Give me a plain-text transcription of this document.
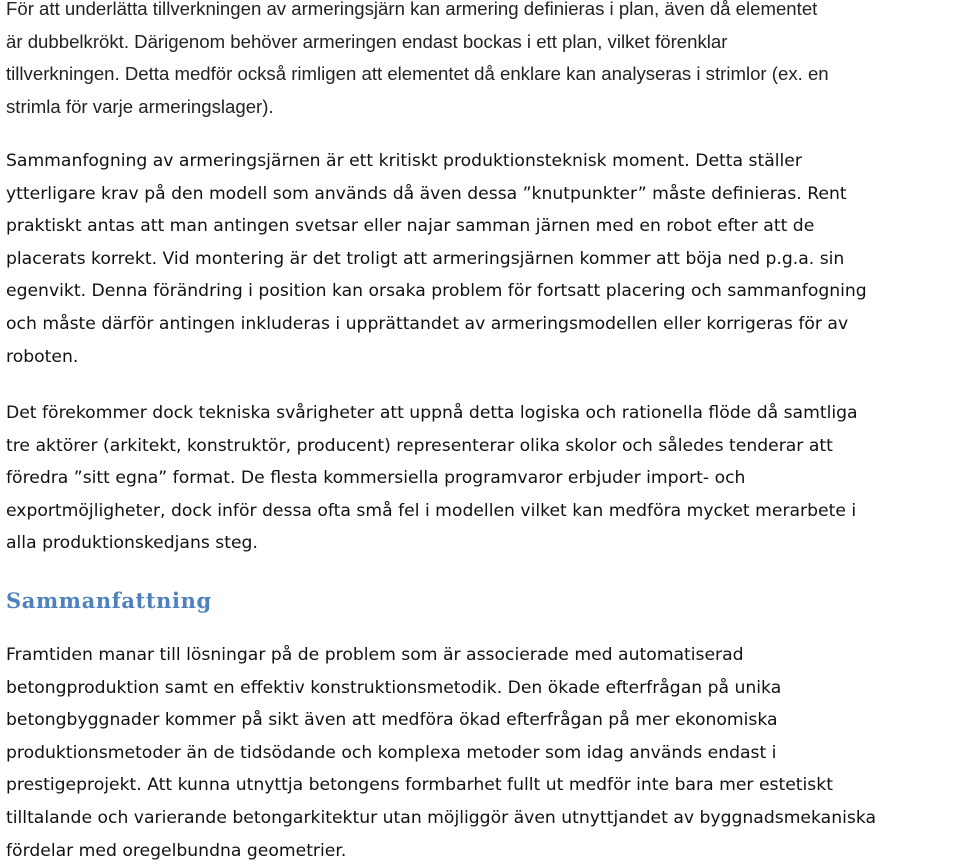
För att underlätta tillverkningen av armeringsjärn kan armering definieras i plan, även då elementet
är dubbelkrökt. Därigenom behöver armeringen endast bockas i ett plan, vilket förenklar
tillverkningen. Detta medför också rimligen att elementet då enklare kan analyseras i strimlor (ex. en
strimla för varje armeringslager).

Sammanfogning av armeringsjärnen är ett kritiskt produktionsteknisk moment. Detta ställer
ytterligare krav på den modell som används då även dessa ”knutpunkter” måste definieras. Rent
praktiskt antas att man antingen svetsar eller najar samman järnen med en robot efter att de
placerats korrekt. Vid montering är det troligt att armeringsjärnen kommer att böja ned p.g.a. sin
egenvikt. Denna förändring i position kan orsaka problem för fortsatt placering och sammanfogning
och måste därför antingen inkluderas i upprättandet av armeringsmodellen eller korrigeras för av
roboten.

Det förekommer dock tekniska svårigheter att uppnå detta logiska och rationella flöde då samtliga
tre aktörer (arkitekt, konstruktör, producent) representerar olika skolor och således tenderar att
föredra ”sitt egna” format. De flesta kommersiella programvaror erbjuder import- och
exportmöjligheter, dock inför dessa ofta små fel i modellen vilket kan medföra mycket merarbete i
alla produktionskedjans steg.

Sammanfattning

Framtiden manar till lösningar på de problem som är associerade med automatiserad
betongproduktion samt en effektiv konstruktionsmetodik. Den ökade efterfrågan på unika
betongbyggnader kommer på sikt även att medföra ökad efterfrågan på mer ekonomiska
produktionsmetoder än de tidsödande och komplexa metoder som idag används endast i
prestigeprojekt. Att kunna utnyttja betongens formbarhet fullt ut medför inte bara mer estetiskt
tilltalande och varierande betongarkitektur utan möjliggör även utnyttjandet av byggnadsmekaniska
fördelar med oregelbundna geometrier.
